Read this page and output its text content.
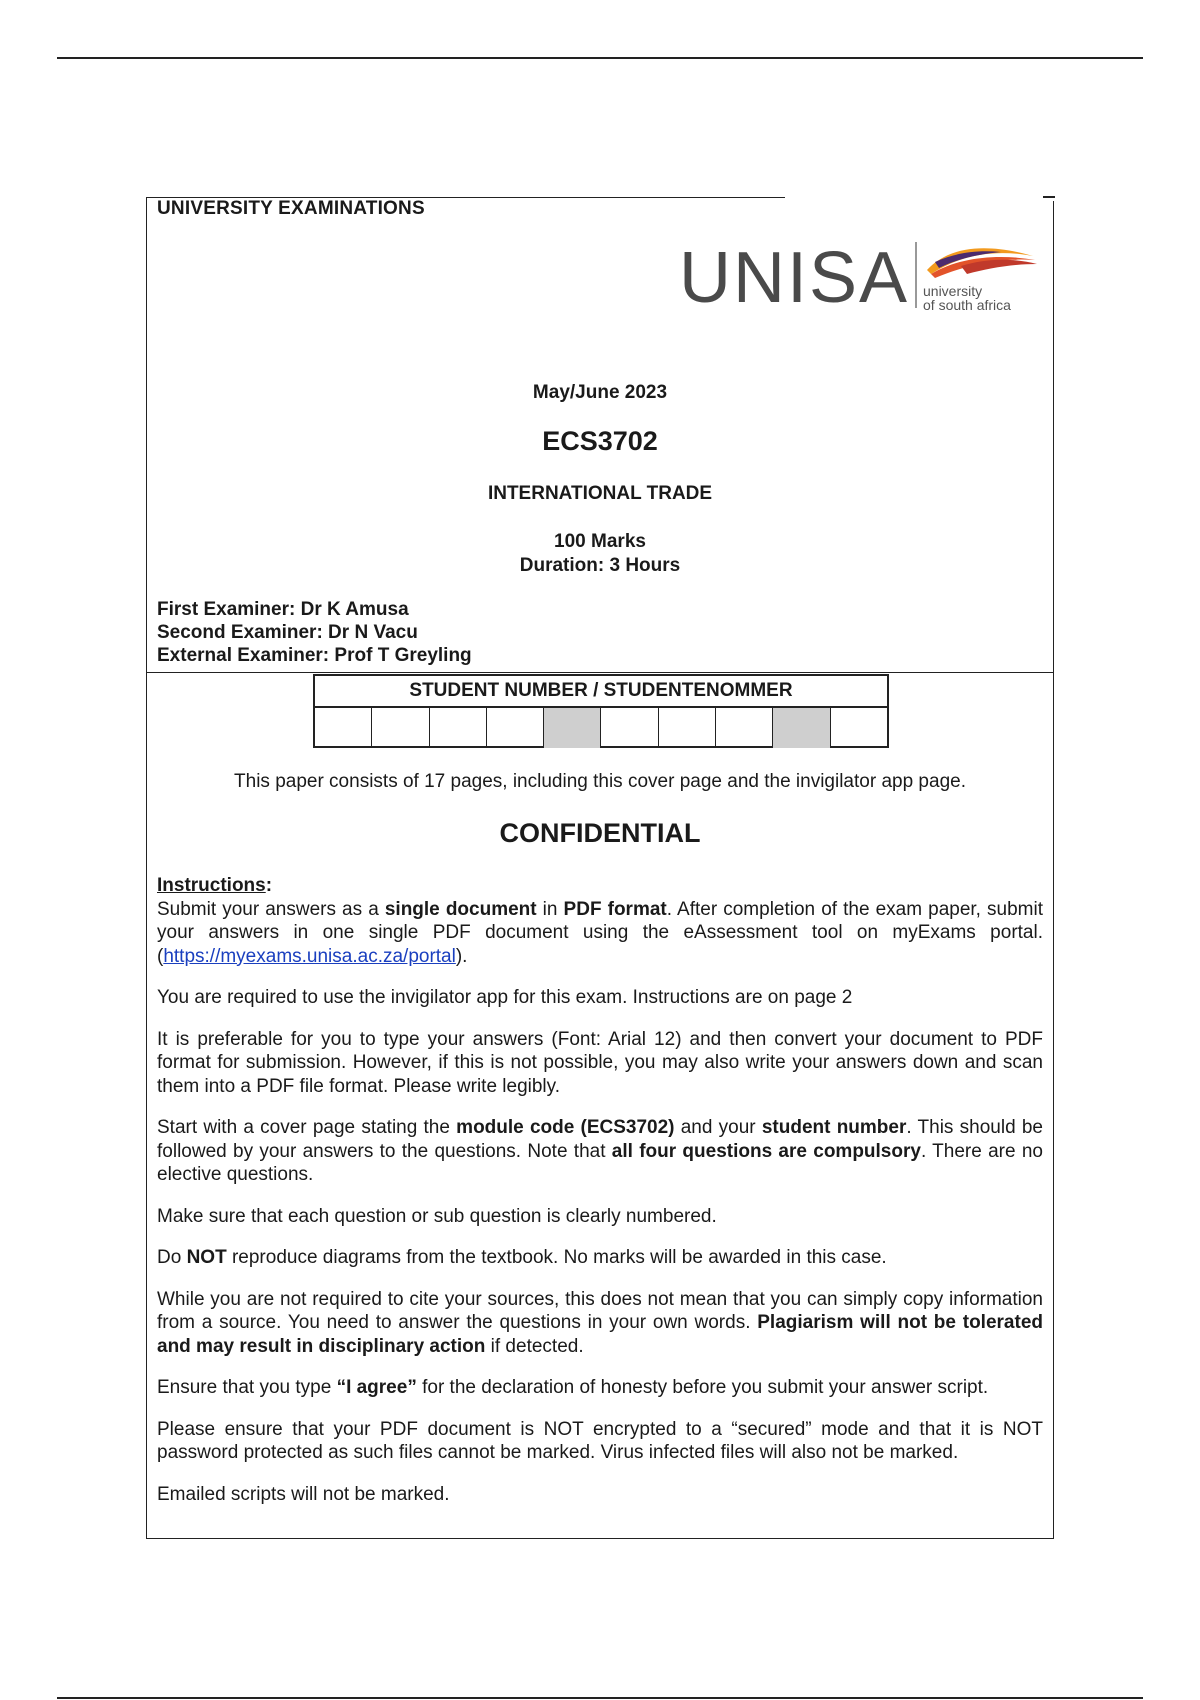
UNIVERSITY EXAMINATIONS
UNISA university
of south africa
May/June 2023
ECS3702
INTERNATIONAL TRADE
100 Marks
Duration: 3 Hours
First Examiner: Dr K Amusa
Second Examiner: Dr N Vacu
External Examiner: Prof T Greyling
STUDENT NUMBER / STUDENTENOMMER
This paper consists of 17 pages, including this cover page and the invigilator app page.
CONFIDENTIAL

Instructions:

Submit your answers as a single document in PDF format. After completion of the exam paper, submit your answers in one single PDF document using the eAssessment tool on myExams portal. (https://myexams.unisa.ac.za/portal).

You are required to use the invigilator app for this exam. Instructions are on page 2

It is preferable for you to type your answers (Font: Arial 12) and then convert your document to PDF format for submission. However, if this is not possible, you may also write your answers down and scan them into a PDF file format. Please write legibly.

Start with a cover page stating the module code (ECS3702) and your student number. This should be followed by your answers to the questions. Note that all four questions are compulsory. There are no elective questions.

Make sure that each question or sub question is clearly numbered.

Do NOT reproduce diagrams from the textbook. No marks will be awarded in this case.

While you are not required to cite your sources, this does not mean that you can simply copy information from a source. You need to answer the questions in your own words. Plagiarism will not be tolerated and may result in disciplinary action if detected.

Ensure that you type “I agree” for the declaration of honesty before you submit your answer script.

Please ensure that your PDF document is NOT encrypted to a “secured” mode and that it is NOT password protected as such files cannot be marked. Virus infected files will also not be marked.

Emailed scripts will not be marked.
